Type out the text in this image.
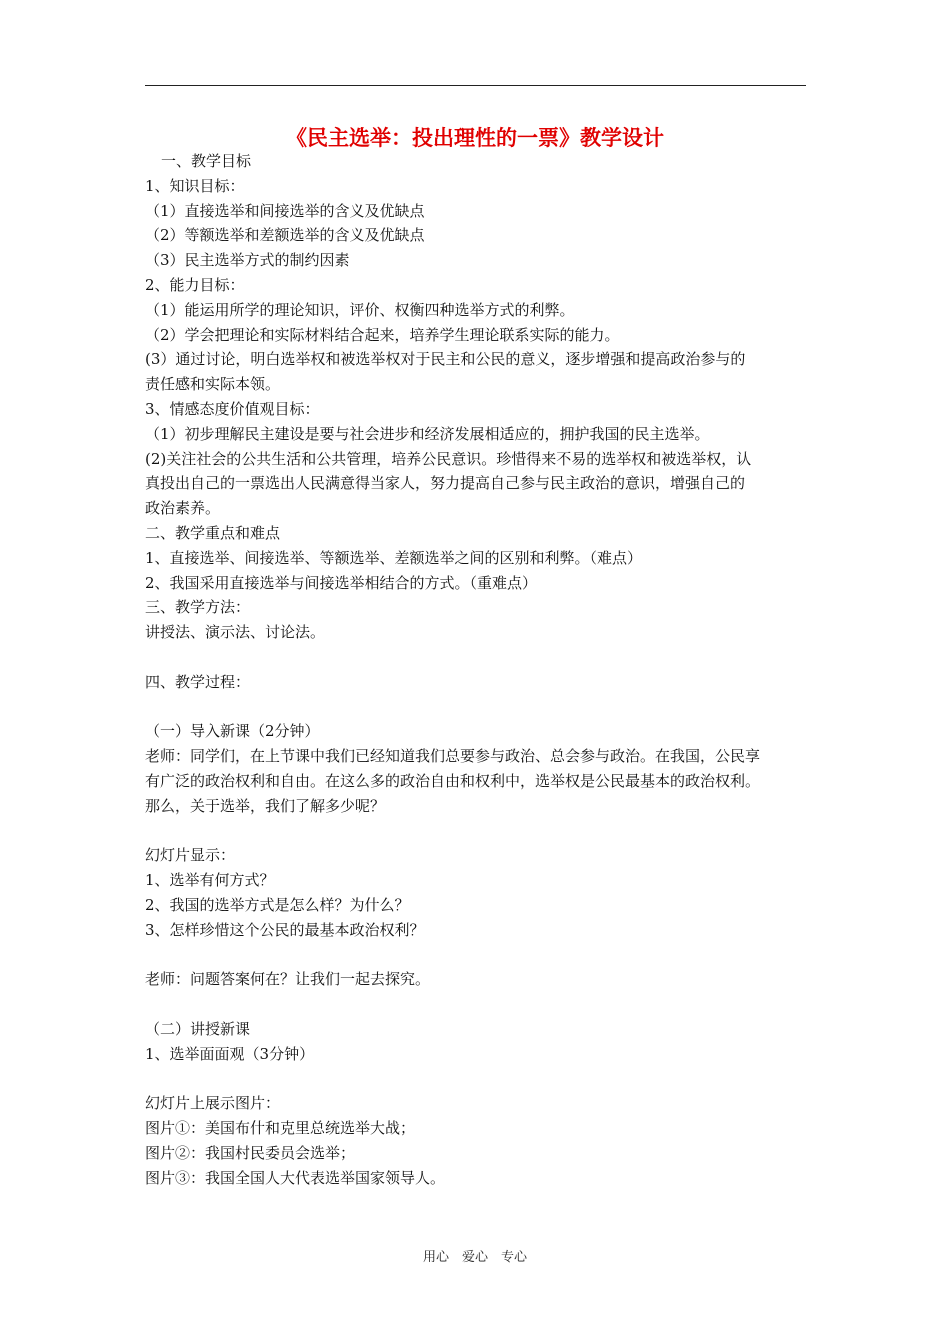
《民主选举：投出理性的一票》教学设计
一、教学目标
1、知识目标：
（1）直接选举和间接选举的含义及优缺点
（2）等额选举和差额选举的含义及优缺点
（3）民主选举方式的制约因素
2、能力目标：
（1）能运用所学的理论知识，评价、权衡四种选举方式的利弊。
（2）学会把理论和实际材料结合起来，培养学生理论联系实际的能力。
(3）通过讨论，明白选举权和被选举权对于民主和公民的意义，逐步增强和提高政治参与的
责任感和实际本领。
3、情感态度价值观目标：
（1）初步理解民主建设是要与社会进步和经济发展相适应的，拥护我国的民主选举。
(2)关注社会的公共生活和公共管理，培养公民意识。珍惜得来不易的选举权和被选举权，认
真投出自己的一票选出人民满意得当家人，努力提高自己参与民主政治的意识，增强自己的
政治素养。
二、教学重点和难点
1、直接选举、间接选举、等额选举、差额选举之间的区别和利弊。（难点）
2、我国采用直接选举与间接选举相结合的方式。（重难点）
三、教学方法：
讲授法、演示法、讨论法。
四、教学过程：
（一）导入新课（2分钟）
老师：同学们，在上节课中我们已经知道我们总要参与政治、总会参与政治。在我国，公民享
有广泛的政治权利和自由。在这么多的政治自由和权利中，选举权是公民最基本的政治权利。
那么，关于选举，我们了解多少呢？
幻灯片显示：
1、选举有何方式？
2、我国的选举方式是怎么样？为什么？
3、怎样珍惜这个公民的最基本政治权利？
老师：问题答案何在？让我们一起去探究。
（二）讲授新课
1、选举面面观（3分钟）
幻灯片上展示图片：
图片①：美国布什和克里总统选举大战；
图片②：我国村民委员会选举；
图片③：我国全国人大代表选举国家领导人。
用心　爱心　专心
